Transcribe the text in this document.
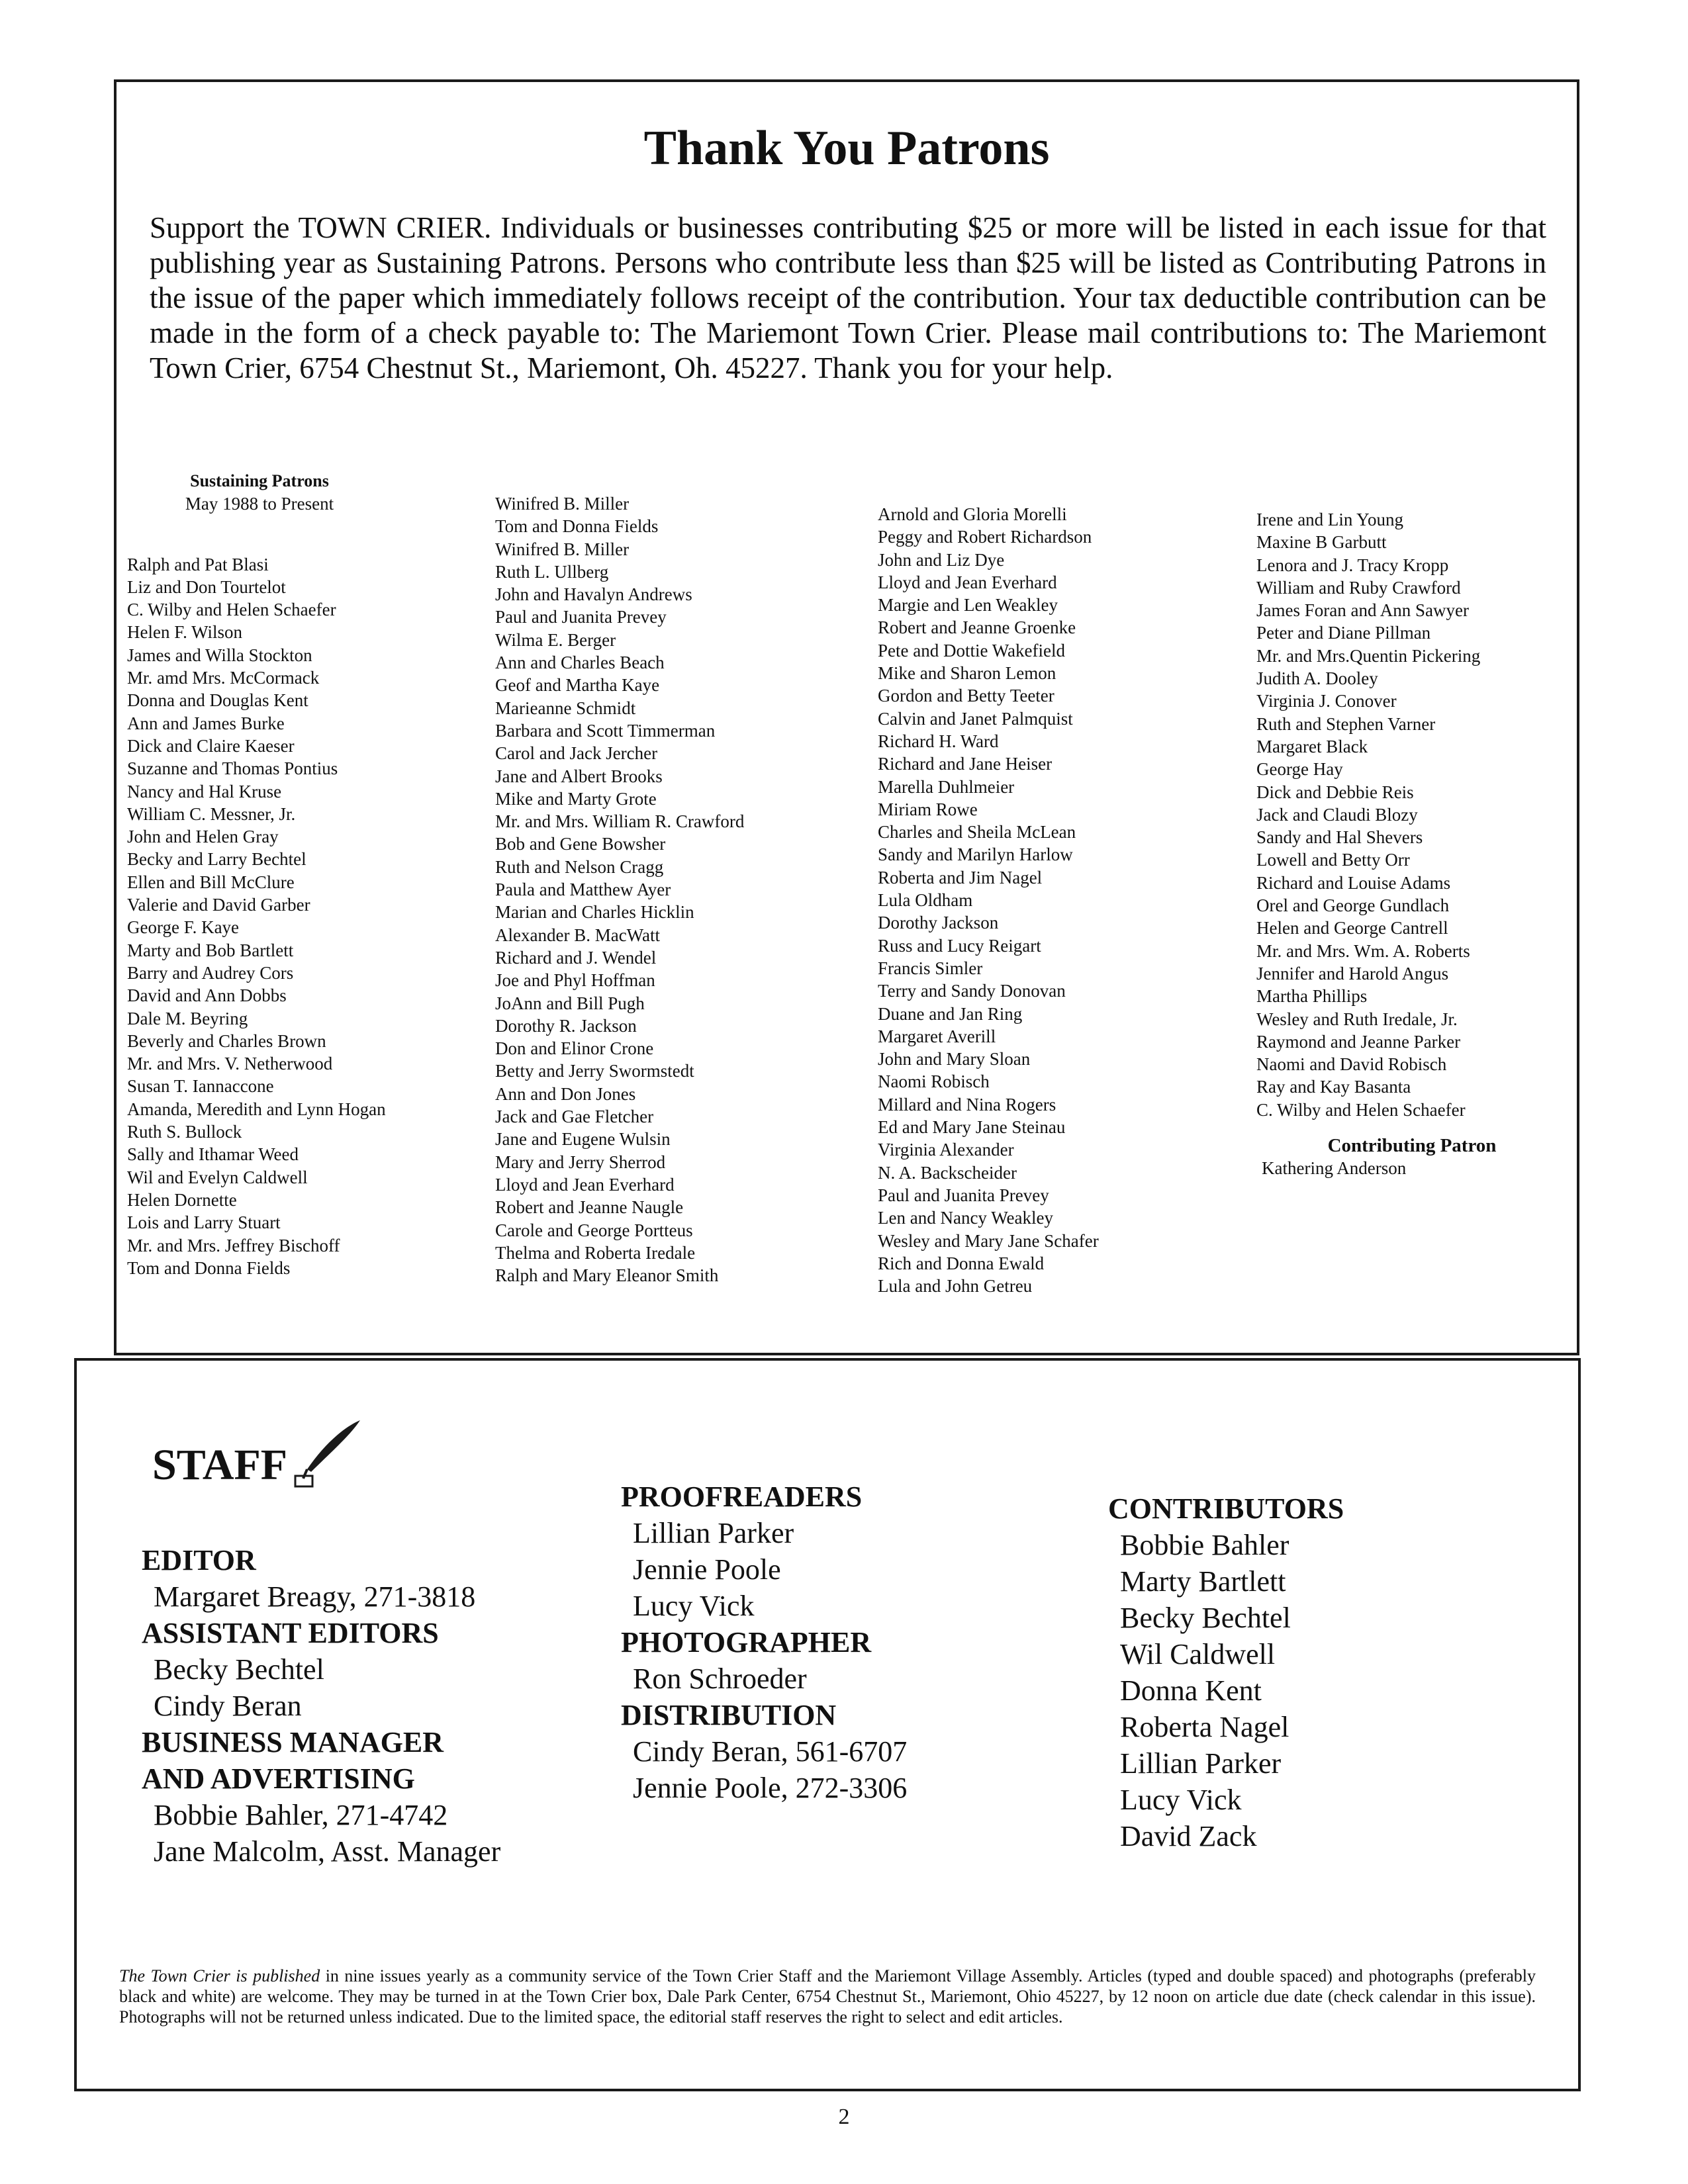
Thank You Patrons
Support the TOWN CRIER. Individuals or businesses contributing $25 or more will be listed in each issue for that publishing year as Sustaining Patrons. Persons who contribute less than $25 will be listed as Contributing Patrons in the issue of the paper which immediately follows receipt of the contribution. Your tax deductible contribution can be made in the form of a check payable to: The Mariemont Town Crier. Please mail contributions to: The Mariemont Town Crier, 6754 Chestnut St., Mariemont, Oh. 45227. Thank you for your help.
Sustaining Patrons
May 1988 to Present
Ralph and Pat Blasi
Liz and Don Tourtelot
C. Wilby and Helen Schaefer
Helen F. Wilson
James and Willa Stockton
Mr. amd Mrs. McCormack
Donna and Douglas Kent
Ann and James Burke
Dick and Claire Kaeser
Suzanne and Thomas Pontius
Nancy and Hal Kruse
William C. Messner, Jr.
John and Helen Gray
Becky and Larry Bechtel
Ellen and Bill McClure
Valerie and David Garber
George F. Kaye
Marty and Bob Bartlett
Barry and Audrey Cors
David and Ann Dobbs
Dale M. Beyring
Beverly and Charles Brown
Mr. and Mrs. V. Netherwood
Susan T. Iannaccone
Amanda, Meredith and Lynn Hogan
Ruth S. Bullock
Sally and Ithamar Weed
Wil and Evelyn Caldwell
Helen Dornette
Lois and Larry Stuart
Mr. and Mrs. Jeffrey Bischoff
Tom and Donna Fields
Winifred B. Miller
Tom and Donna Fields
Winifred B. Miller
Ruth L. Ullberg
John and Havalyn Andrews
Paul and Juanita Prevey
Wilma E. Berger
Ann and Charles Beach
Geof and Martha Kaye
Marieanne Schmidt
Barbara and Scott Timmerman
Carol and Jack Jercher
Jane and Albert Brooks
Mike and Marty Grote
Mr. and Mrs. William R. Crawford
Bob and Gene Bowsher
Ruth and Nelson Cragg
Paula and Matthew Ayer
Marian and Charles Hicklin
Alexander B. MacWatt
Richard and J. Wendel
Joe and Phyl Hoffman
JoAnn and Bill Pugh
Dorothy R. Jackson
Don and Elinor Crone
Betty and Jerry Swormstedt
Ann and Don Jones
Jack and Gae Fletcher
Jane and Eugene Wulsin
Mary and Jerry Sherrod
Lloyd and Jean Everhard
Robert and Jeanne Naugle
Carole and George Portteus
Thelma and Roberta Iredale
Ralph and Mary Eleanor Smith
Arnold and Gloria Morelli
Peggy and Robert Richardson
John and Liz Dye
Lloyd and Jean Everhard
Margie and Len Weakley
Robert and Jeanne Groenke
Pete and Dottie Wakefield
Mike and Sharon Lemon
Gordon and Betty Teeter
Calvin and Janet Palmquist
Richard H. Ward
Richard and Jane Heiser
Marella Duhlmeier
Miriam Rowe
Charles and Sheila McLean
Sandy and Marilyn Harlow
Roberta and Jim Nagel
Lula Oldham
Dorothy Jackson
Russ and Lucy Reigart
Francis Simler
Terry and Sandy Donovan
Duane and Jan Ring
Margaret Averill
John and Mary Sloan
Naomi Robisch
Millard and Nina Rogers
Ed and Mary Jane Steinau
Virginia Alexander
N. A. Backscheider
Paul and Juanita Prevey
Len and Nancy Weakley
Wesley and Mary Jane Schafer
Rich and Donna Ewald
Lula and John Getreu
Irene and Lin Young
Maxine B Garbutt
Lenora and J. Tracy Kropp
William and Ruby Crawford
James Foran and Ann Sawyer
Peter and Diane Pillman
Mr. and Mrs.Quentin Pickering
Judith A. Dooley
Virginia J. Conover
Ruth and Stephen Varner
Margaret Black
George Hay
Dick and Debbie Reis
Jack and Claudi Blozy
Sandy and Hal Shevers
Lowell and Betty Orr
Richard and Louise Adams
Orel and George Gundlach
Helen and George Cantrell
Mr. and Mrs. Wm. A. Roberts
Jennifer and Harold Angus
Martha Phillips
Wesley and Ruth Iredale, Jr.
Raymond and Jeanne Parker
Naomi and David Robisch
Ray and Kay Basanta
C. Wilby and Helen Schaefer
Contributing Patron
Kathering Anderson
STAFF
EDITOR
Margaret Breagy, 271-3818
ASSISTANT EDITORS
Becky Bechtel
Cindy Beran
BUSINESS MANAGER
AND ADVERTISING
Bobbie Bahler, 271-4742
Jane Malcolm, Asst. Manager
PROOFREADERS
Lillian Parker
Jennie Poole
Lucy Vick
PHOTOGRAPHER
Ron Schroeder
DISTRIBUTION
Cindy Beran, 561-6707
Jennie Poole, 272-3306
CONTRIBUTORS
Bobbie Bahler
Marty Bartlett
Becky Bechtel
Wil Caldwell
Donna Kent
Roberta Nagel
Lillian Parker
Lucy Vick
David Zack
The Town Crier is published in nine issues yearly as a community service of the Town Crier Staff and the Mariemont Village Assembly. Articles (typed and double spaced) and photographs (preferably black and white) are welcome. They may be turned in at the Town Crier box, Dale Park Center, 6754 Chestnut St., Mariemont, Ohio 45227, by 12 noon on article due date (check calendar in this issue). Photographs will not be returned unless indicated. Due to the limited space, the editorial staff reserves the right to select and edit articles.
2
